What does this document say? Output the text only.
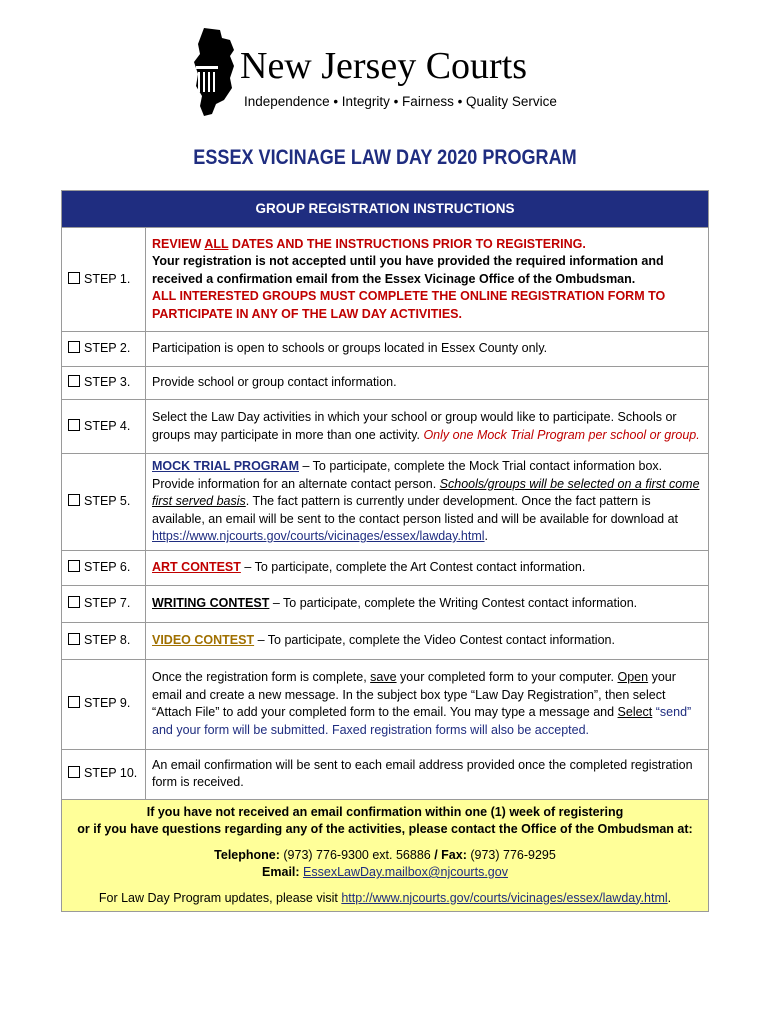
New Jersey Courts
Independence • Integrity • Fairness • Quality Service
ESSEX VICINAGE LAW DAY 2020 PROGRAM
GROUP REGISTRATION INSTRUCTIONS	
STEP 1.	REVIEW ALL DATES AND THE INSTRUCTIONS PRIOR TO REGISTERING.
Your registration is not accepted until you have provided the required information and received a confirmation email from the Essex Vicinage Office of the Ombudsman.
ALL INTERESTED GROUPS MUST COMPLETE THE ONLINE REGISTRATION FORM TO PARTICIPATE IN ANY OF THE LAW DAY ACTIVITIES.
STEP 2.	Participation is open to schools or groups located in Essex County only.
STEP 3.	Provide school or group contact information.
STEP 4.	Select the Law Day activities in which your school or group would like to participate. Schools or groups may participate in more than one activity. Only one Mock Trial Program per school or group.
STEP 5.	MOCK TRIAL PROGRAM – To participate, complete the Mock Trial contact information box. Provide information for an alternate contact person. Schools/groups will be selected on a first come first served basis. The fact pattern is currently under development. Once the fact pattern is available, an email will be sent to the contact person listed and will be available for download at https://www.njcourts.gov/courts/vicinages/essex/lawday.html.
STEP 6.	ART CONTEST – To participate, complete the Art Contest contact information.
STEP 7.	WRITING CONTEST – To participate, complete the Writing Contest contact information.
STEP 8.	VIDEO CONTEST – To participate, complete the Video Contest contact information.
STEP 9.	Once the registration form is complete, save your completed form to your computer. Open your email and create a new message. In the subject box type “Law Day Registration”, then select “Attach File” to add your completed form to the email. You may type a message and Select “send” and your form will be submitted. Faxed registration forms will also be accepted.
STEP 10.	An email confirmation will be sent to each email address provided once the completed registration form is received.

If you have not received an email confirmation within one (1) week of registering
or if you have questions regarding any of the activities, please contact the Office of the Ombudsman at:
Telephone: (973) 776-9300 ext. 56886 / Fax: (973) 776-9295
Email: EssexLawDay.mailbox@njcourts.gov
For Law Day Program updates, please visit http://www.njcourts.gov/courts/vicinages/essex/lawday.html.	
